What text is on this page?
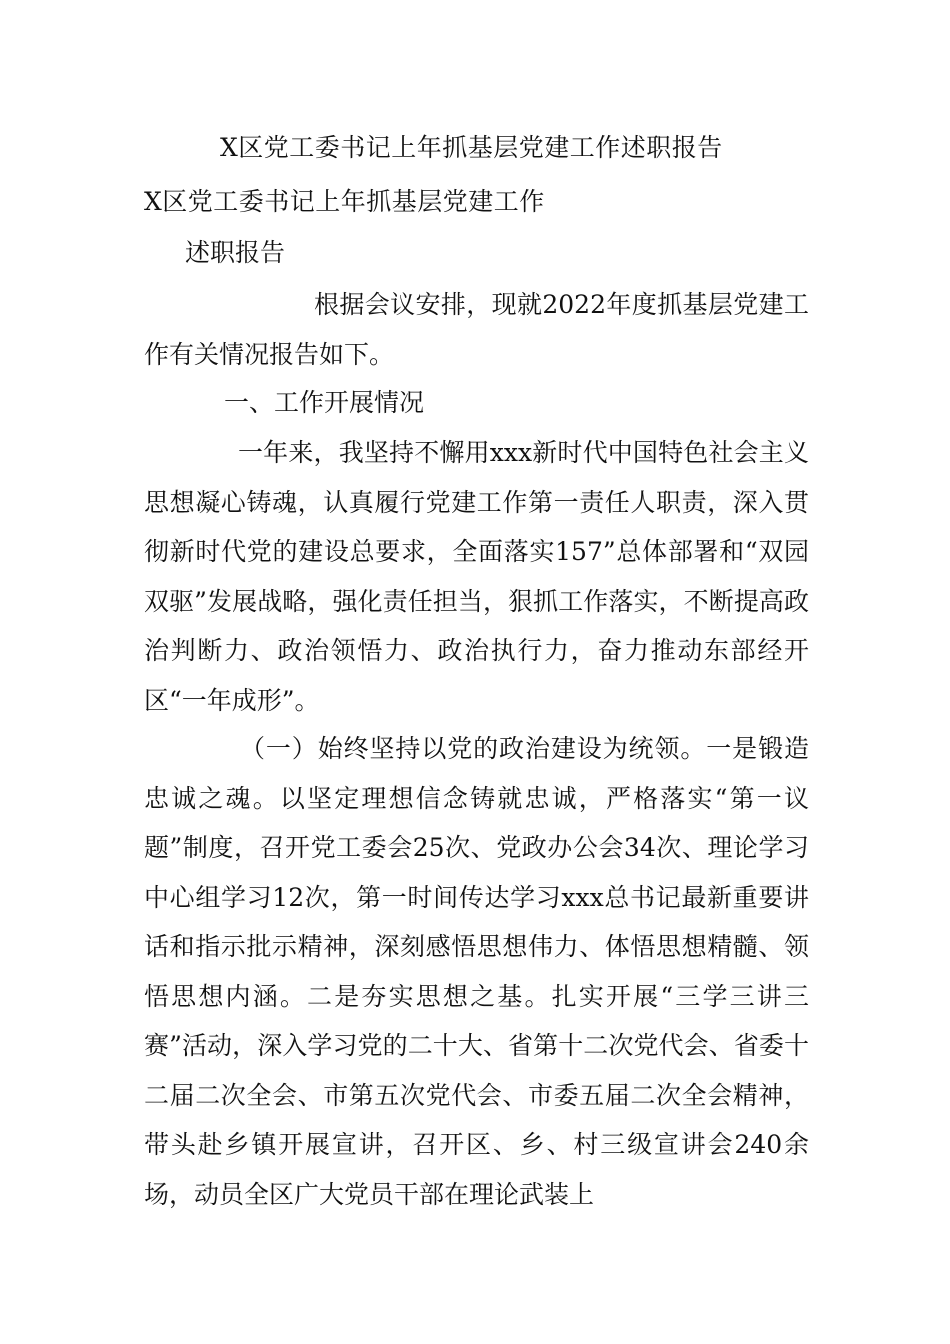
X区党工委书记上年抓基层党建工作述职报告
X区党工委书记上年抓基层党建工作
述职报告

根据会议安排，现就2022年度抓基层党建工作有关情况报告如下。

一、工作开展情况

一年来，我坚持不懈用xxx新时代中国特色社会主义思想凝心铸魂，认真履行党建工作第一责任人职责，深入贯彻新时代党的建设总要求，全面落实157”总体部署和“双园双驱”发展战略，强化责任担当，狠抓工作落实，不断提高政治判断力、政治领悟力、政治执行力，奋力推动东部经开区“一年成形”。

（一）始终坚持以党的政治建设为统领。一是锻造忠诚之魂。以坚定理想信念铸就忠诚，严格落实“第一议题”制度，召开党工委会25次、党政办公会34次、理论学习中心组学习12次，第一时间传达学习xxx总书记最新重要讲话和指示批示精神，深刻感悟思想伟力、体悟思想精髓、领悟思想内涵。二是夯实思想之基。扎实开展“三学三讲三赛”活动，深入学习党的二十大、省第十二次党代会、省委十二届二次全会、市第五次党代会、市委五届二次全会精神，带头赴乡镇开展宣讲，召开区、乡、村三级宣讲会240余场，动员全区广大党员干部在理论武装上
